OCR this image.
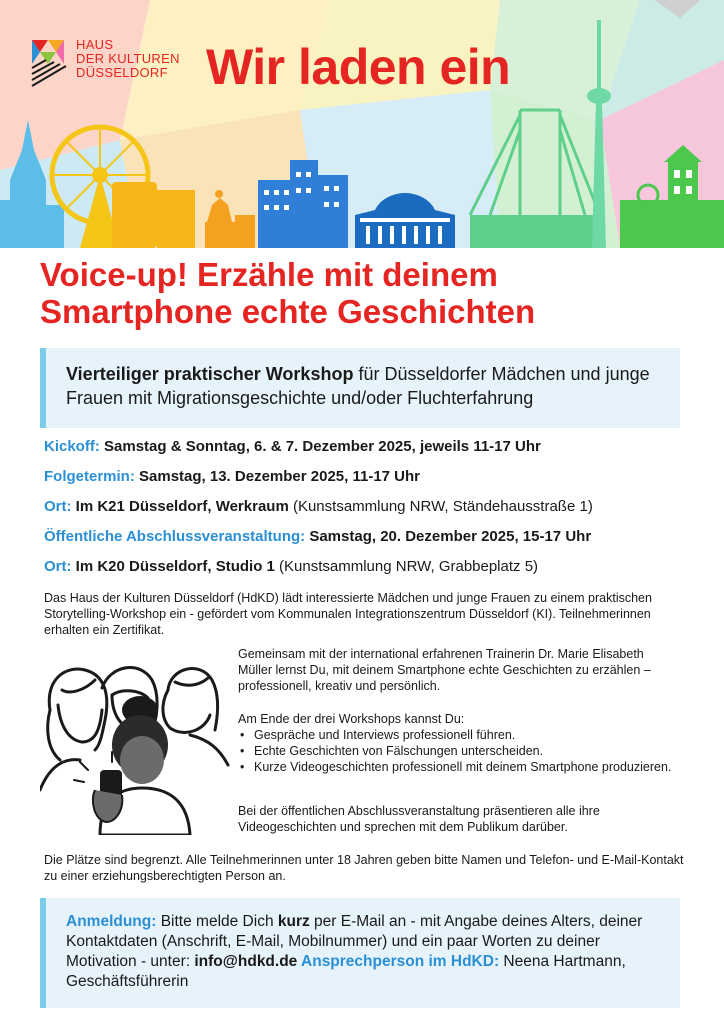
HAUS
DER KULTUREN
DÜSSELDORF Wir laden ein
Voice-up! Erzähle mit deinem
Smartphone echte Geschichten
Vierteiliger praktischer Workshop für Düsseldorfer Mädchen und junge Frauen mit Migrationsgeschichte und/oder Fluchterfahrung
Kickoff: Samstag & Sonntag, 6. & 7. Dezember 2025, jeweils 11-17 Uhr
Folgetermin: Samstag, 13. Dezember 2025, 11-17 Uhr
Ort: Im K21 Düsseldorf, Werkraum (Kunstsammlung NRW, Ständehausstraße 1)
Öffentliche Abschlussveranstaltung: Samstag, 20. Dezember 2025, 15-17 Uhr
Ort: Im K20 Düsseldorf, Studio 1 (Kunstsammlung NRW, Grabbeplatz 5)

Das Haus der Kulturen Düsseldorf (HdKD) lädt interessierte Mädchen und junge Frauen zu einem praktischen Storytelling-Workshop ein - gefördert vom Kommunalen Integrationszentrum Düsseldorf (KI). Teilnehmerinnen erhalten ein Zertifikat.

Gemeinsam mit der international erfahrenen Trainerin Dr. Marie Elisabeth Müller lernst Du, mit deinem Smartphone echte Geschichten zu erzählen – professionell, kreativ und persönlich.

Am Ende der drei Workshops kannst Du:

• Gespräche und Interviews professionell führen.
• Echte Geschichten von Fälschungen unterscheiden.
• Kurze Videogeschichten professionell mit deinem Smartphone produzieren.

Bei der öffentlichen Abschlussveranstaltung präsentieren alle ihre Videogeschichten und sprechen mit dem Publikum darüber.

Die Plätze sind begrenzt. Alle Teilnehmerinnen unter 18 Jahren geben bitte Namen und Telefon- und E-Mail-Kontakt zu einer erziehungsberechtigten Person an.

Anmeldung: Bitte melde Dich kurz per E-Mail an - mit Angabe deines Alters, deiner Kontaktdaten (Anschrift, E-Mail, Mobilnummer) und ein paar Worten zu deiner Motivation - unter: info@hdkd.de Ansprechperson im HdKD: Neena Hartmann, Geschäftsführerin
